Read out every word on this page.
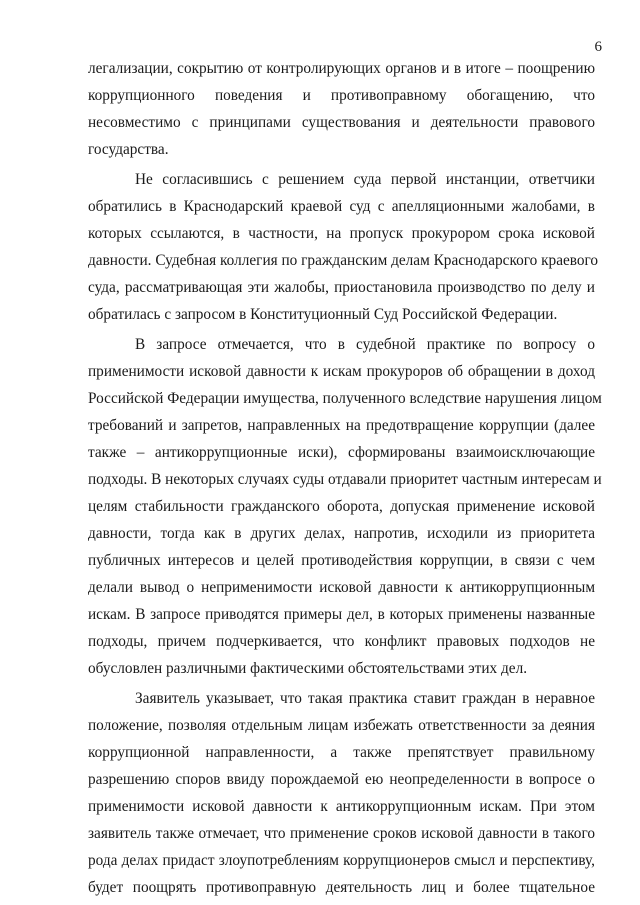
6
легализации, сокрытию от контролирующих органов и в итоге – поощрению
коррупционного поведения и противоправному обогащению, что
несовместимо с принципами существования и деятельности правового
государства.
Не согласившись с решением суда первой инстанции, ответчики
обратились в Краснодарский краевой суд с апелляционными жалобами, в
которых ссылаются, в частности, на пропуск прокурором срока исковой
давности. Судебная коллегия по гражданским делам Краснодарского краевого
суда, рассматривающая эти жалобы, приостановила производство по делу и
обратилась с запросом в Конституционный Суд Российской Федерации.
В запросе отмечается, что в судебной практике по вопросу о
применимости исковой давности к искам прокуроров об обращении в доход
Российской Федерации имущества, полученного вследствие нарушения лицом
требований и запретов, направленных на предотвращение коррупции (далее
также – антикоррупционные иски), сформированы взаимоисключающие
подходы. В некоторых случаях суды отдавали приоритет частным интересам и
целям стабильности гражданского оборота, допуская применение исковой
давности, тогда как в других делах, напротив, исходили из приоритета
публичных интересов и целей противодействия коррупции, в связи с чем
делали вывод о неприменимости исковой давности к антикоррупционным
искам. В запросе приводятся примеры дел, в которых применены названные
подходы, причем подчеркивается, что конфликт правовых подходов не
обусловлен различными фактическими обстоятельствами этих дел.
Заявитель указывает, что такая практика ставит граждан в неравное
положение, позволяя отдельным лицам избежать ответственности за деяния
коррупционной направленности, а также препятствует правильному
разрешению споров ввиду порождаемой ею неопределенности в вопросе о
применимости исковой давности к антикоррупционным искам. При этом
заявитель также отмечает, что применение сроков исковой давности в такого
рода делах придаст злоупотреблениям коррупционеров смысл и перспективу,
будет поощрять противоправную деятельность лиц и более тщательное
